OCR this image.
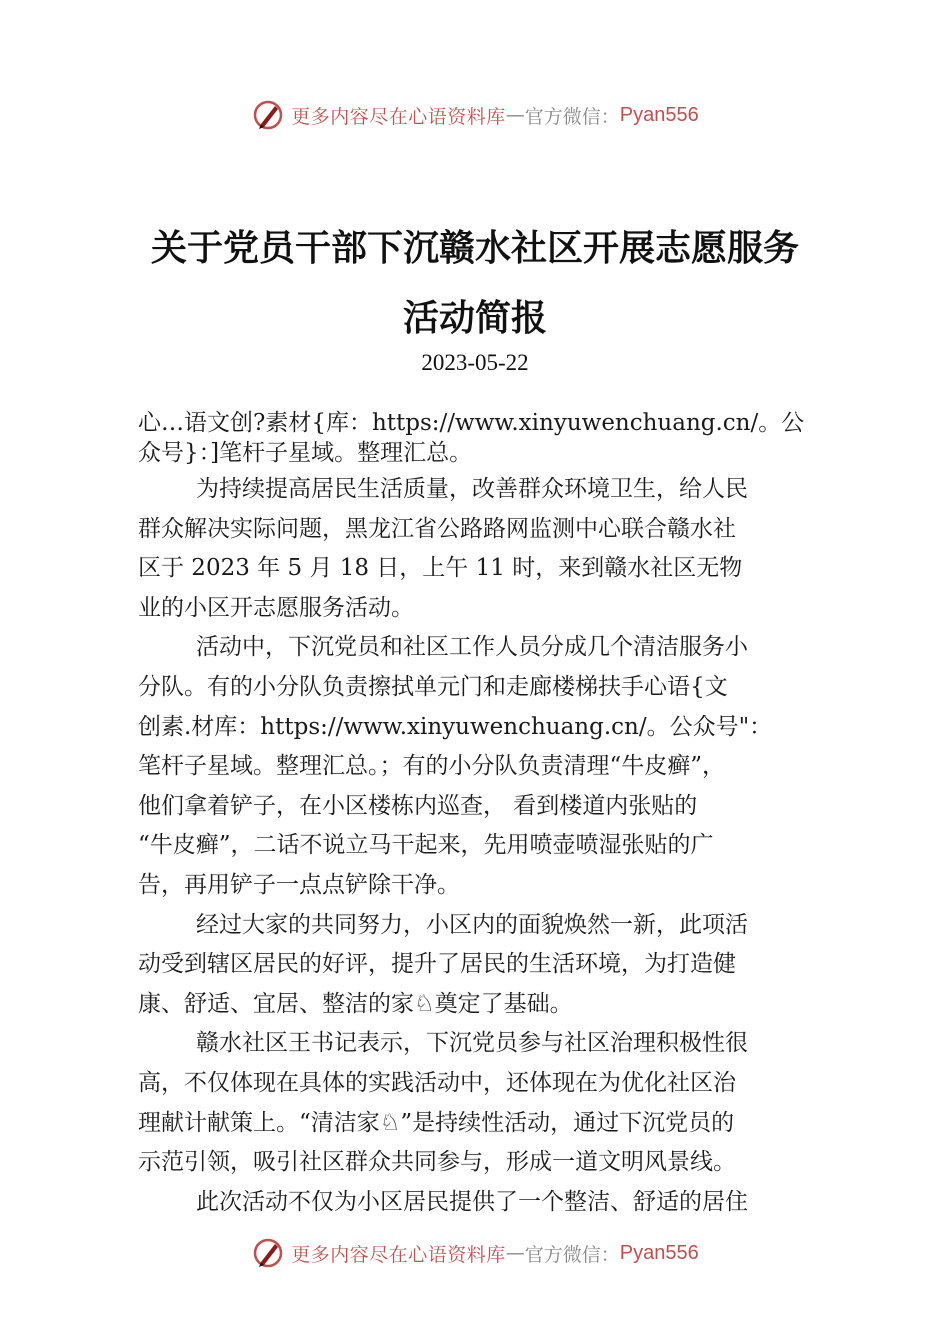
更多内容尽在心语资料库 — 官方微信： Pyan556
关于党员干部下沉赣水社区开展志愿服务
活动简报
2023-05-22
心…语文创?素材{库：https://www.xinyuwenchuang.cn/。公
众号}：]笔杆子星域。整理汇总。
为持续提高居民生活质量，改善群众环境卫生，给人民
群众解决实际问题，黑龙江省公路路网监测中心联合赣水社
区于 2023 年 5 月 18 日，上午 11 时，来到赣水社区无物
业的小区开志愿服务活动。
活动中，下沉党员和社区工作人员分成几个清洁服务小
分队。有的小分队负责擦拭单元门和走廊楼梯扶手心语{文
创素.材库：https://www.xinyuwenchuang.cn/。公众号"：
笔杆子星域。整理汇总。；有的小分队负责清理“牛皮癣”，
他们拿着铲子，在小区楼栋内巡查， 看到楼道内张贴的
“牛皮癣”，二话不说立马干起来，先用喷壶喷湿张贴的广
告，再用铲子一点点铲除干净。
经过大家的共同努力，小区内的面貌焕然一新，此项活
动受到辖区居民的好评，提升了居民的生活环境，为打造健
康、舒适、宜居、整洁的家♘奠定了基础。
赣水社区王书记表示，下沉党员参与社区治理积极性很
高，不仅体现在具体的实践活动中，还体现在为优化社区治
理献计献策上。“清洁家♘”是持续性活动，通过下沉党员的
示范引领，吸引社区群众共同参与，形成一道文明风景线。
此次活动不仅为小区居民提供了一个整洁、舒适的居住
更多内容尽在心语资料库 — 官方微信： Pyan556
